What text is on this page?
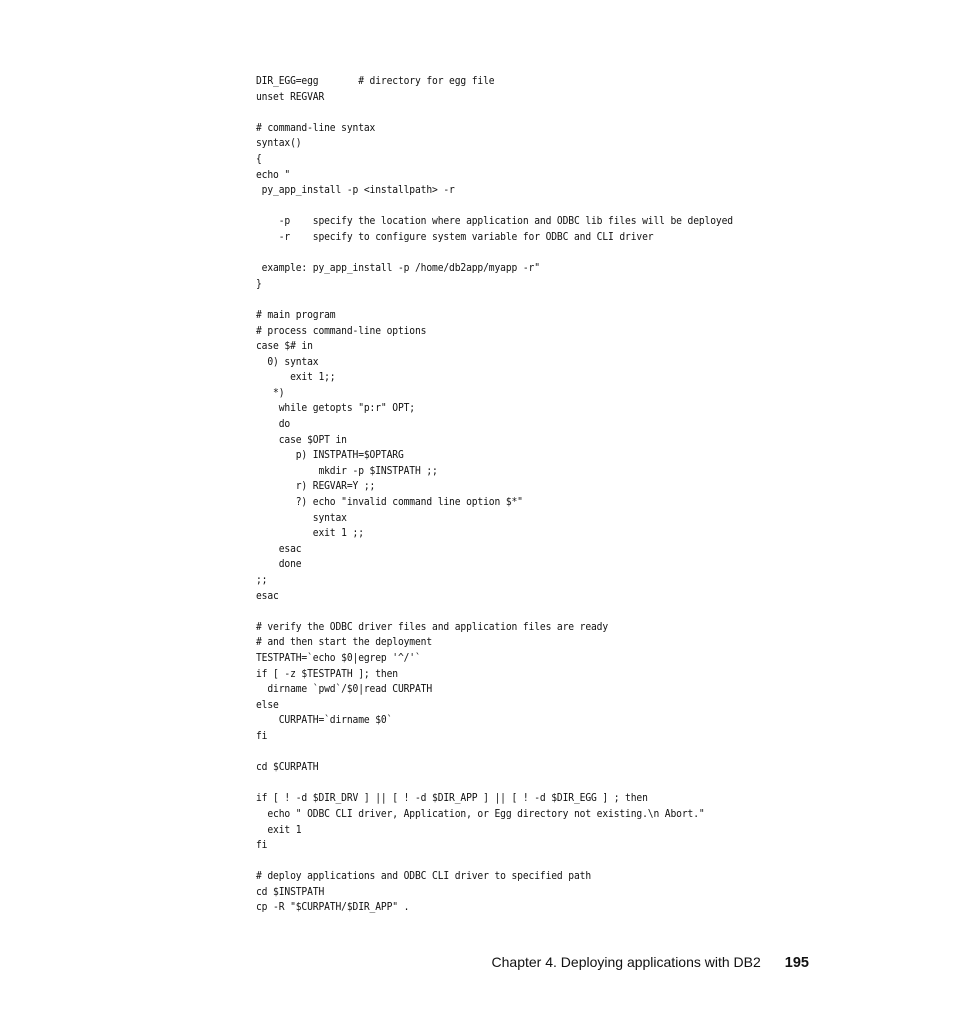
DIR_EGG=egg       # directory for egg file
unset REGVAR
# command-line syntax
syntax()
{
echo "
py_app_install -p <installpath> -r
-p    specify the location where application and ODBC lib files will be deployed
-r    specify to configure system variable for ODBC and CLI driver
example: py_app_install -p /home/db2app/myapp -r"
}
# main program
# process command-line options
case $# in
0) syntax
exit 1;;
*)
while getopts "p:r" OPT;
do
case $OPT in
p) INSTPATH=$OPTARG
mkdir -p $INSTPATH ;;
r) REGVAR=Y ;;
?) echo "invalid command line option $*"
syntax
exit 1 ;;
esac
done
;;
esac
# verify the ODBC driver files and application files are ready
# and then start the deployment
TESTPATH=`echo $0|egrep '^/'`
if [ -z $TESTPATH ]; then
dirname `pwd`/$0|read CURPATH
else
CURPATH=`dirname $0`
fi
cd $CURPATH
if [ ! -d $DIR_DRV ] || [ ! -d $DIR_APP ] || [ ! -d $DIR_EGG ] ; then
echo " ODBC CLI driver, Application, or Egg directory not existing.\n Abort."
exit 1
fi
# deploy applications and ODBC CLI driver to specified path
cd $INSTPATH
cp -R "$CURPATH/$DIR_APP" .
Chapter 4. Deploying applications with DB2 195
